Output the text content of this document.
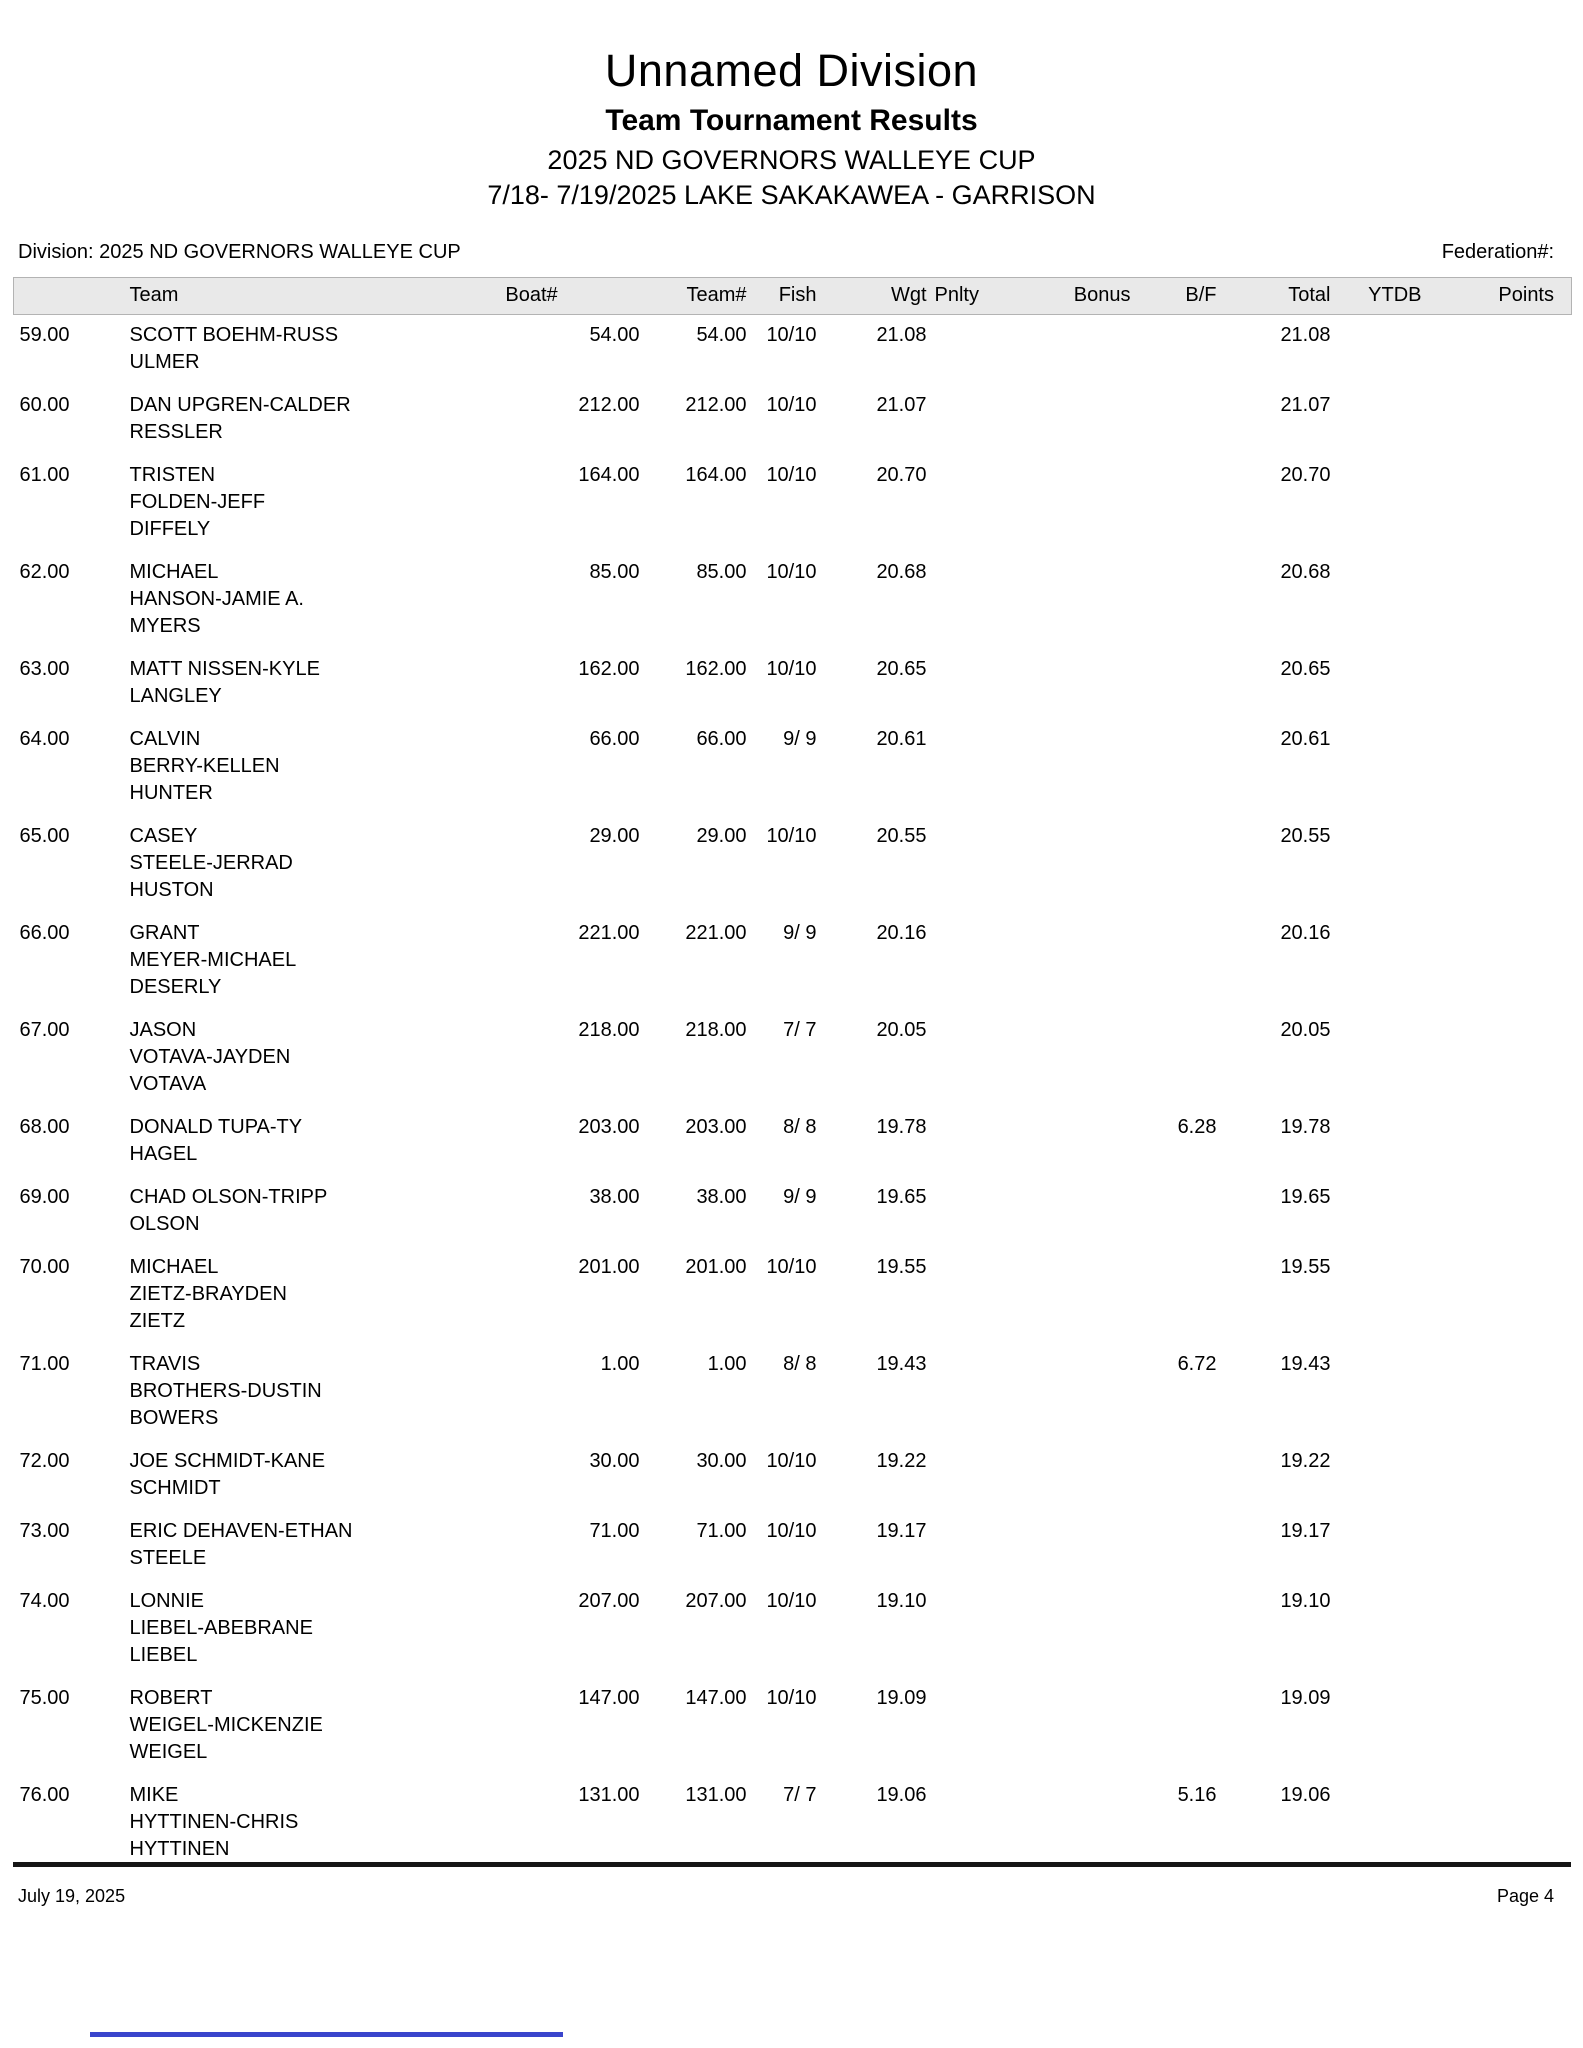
Unnamed Division
Team Tournament Results
2025 ND GOVERNORS WALLEYE CUP
7/18- 7/19/2025 LAKE SAKAKAWEA - GARRISON
Division: 2025 ND GOVERNORS WALLEYE CUP	Federation#:
	Team	Boat#	Team#	Fish	Wgt	Pnlty	Bonus	B/F	Total	YTDB	Points
59.00	SCOTT BOEHM-RUSS
ULMER	54.00	54.00	10/10	21.08				21.08		
60.00	DAN UPGREN-CALDER
RESSLER	212.00	212.00	10/10	21.07				21.07		
61.00	TRISTEN
FOLDEN-JEFF
DIFFELY	164.00	164.00	10/10	20.70				20.70		
62.00	MICHAEL
HANSON-JAMIE A.
MYERS	85.00	85.00	10/10	20.68				20.68		
63.00	MATT NISSEN-KYLE
LANGLEY	162.00	162.00	10/10	20.65				20.65		
64.00	CALVIN
BERRY-KELLEN
HUNTER	66.00	66.00	9/ 9	20.61				20.61		
65.00	CASEY
STEELE-JERRAD
HUSTON	29.00	29.00	10/10	20.55				20.55		
66.00	GRANT
MEYER-MICHAEL
DESERLY	221.00	221.00	9/ 9	20.16				20.16		
67.00	JASON
VOTAVA-JAYDEN
VOTAVA	218.00	218.00	7/ 7	20.05				20.05		
68.00	DONALD TUPA-TY
HAGEL	203.00	203.00	8/ 8	19.78			6.28	19.78		
69.00	CHAD OLSON-TRIPP
OLSON	38.00	38.00	9/ 9	19.65				19.65		
70.00	MICHAEL
ZIETZ-BRAYDEN
ZIETZ	201.00	201.00	10/10	19.55				19.55		
71.00	TRAVIS
BROTHERS-DUSTIN
BOWERS	1.00	1.00	8/ 8	19.43			6.72	19.43		
72.00	JOE SCHMIDT-KANE
SCHMIDT	30.00	30.00	10/10	19.22				19.22		
73.00	ERIC DEHAVEN-ETHAN
STEELE	71.00	71.00	10/10	19.17				19.17		
74.00	LONNIE
LIEBEL-ABEBRANE
LIEBEL	207.00	207.00	10/10	19.10				19.10		
75.00	ROBERT
WEIGEL-MICKENZIE
WEIGEL	147.00	147.00	10/10	19.09				19.09		
76.00	MIKE
HYTTINEN-CHRIS
HYTTINEN	131.00	131.00	7/ 7	19.06			5.16	19.06		
July 19, 2025	Page 4
